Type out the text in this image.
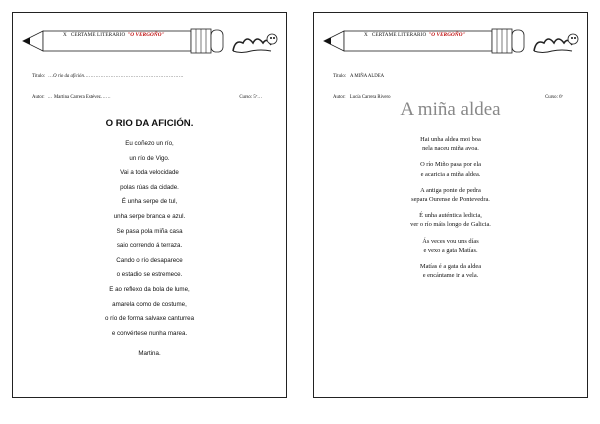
X CERTAME LITERARIO "O VERGOÑO"
Título: …O rio da afición……………………………………………………
Autor: … Martina Carrera Estévez……	Curso: 5º…
O RIO DA AFICIÓN.
Eu coñezo un río,
un río de Vigo.
Vai a toda velocidade
polas rúas da cidade.
É unha serpe de tul,
unha serpe branca e azul.
Se pasa pola miña casa
saio correndo á terraza.
Cando o río desaparece
o estadio se estremece.
E ao reflexo da bola de lume,
amarela como de costume,
o río de forma salvaxe canturrea
e convértese nunha marea.
Martina.
X CERTAME LITERARIO "O VERGOÑO"
Título: A MIÑA ALDEA
Autor: Lucía Carrera Rivero	Curso: 6º
A miña aldea
Hai unha aldea moi boa
nela naceu miña avoa.
O río Miño pasa por ela
e acaricia a miña aldea.
A antiga ponte de pedra
separa Ourense de Pontevedra.
É unha auténtica ledicia,
ver o río máis longo de Galicia.
Ás veces vou uns días
e vexo a gata Matías.
Matías é a gata da aldea
e encántame ir a vela.
